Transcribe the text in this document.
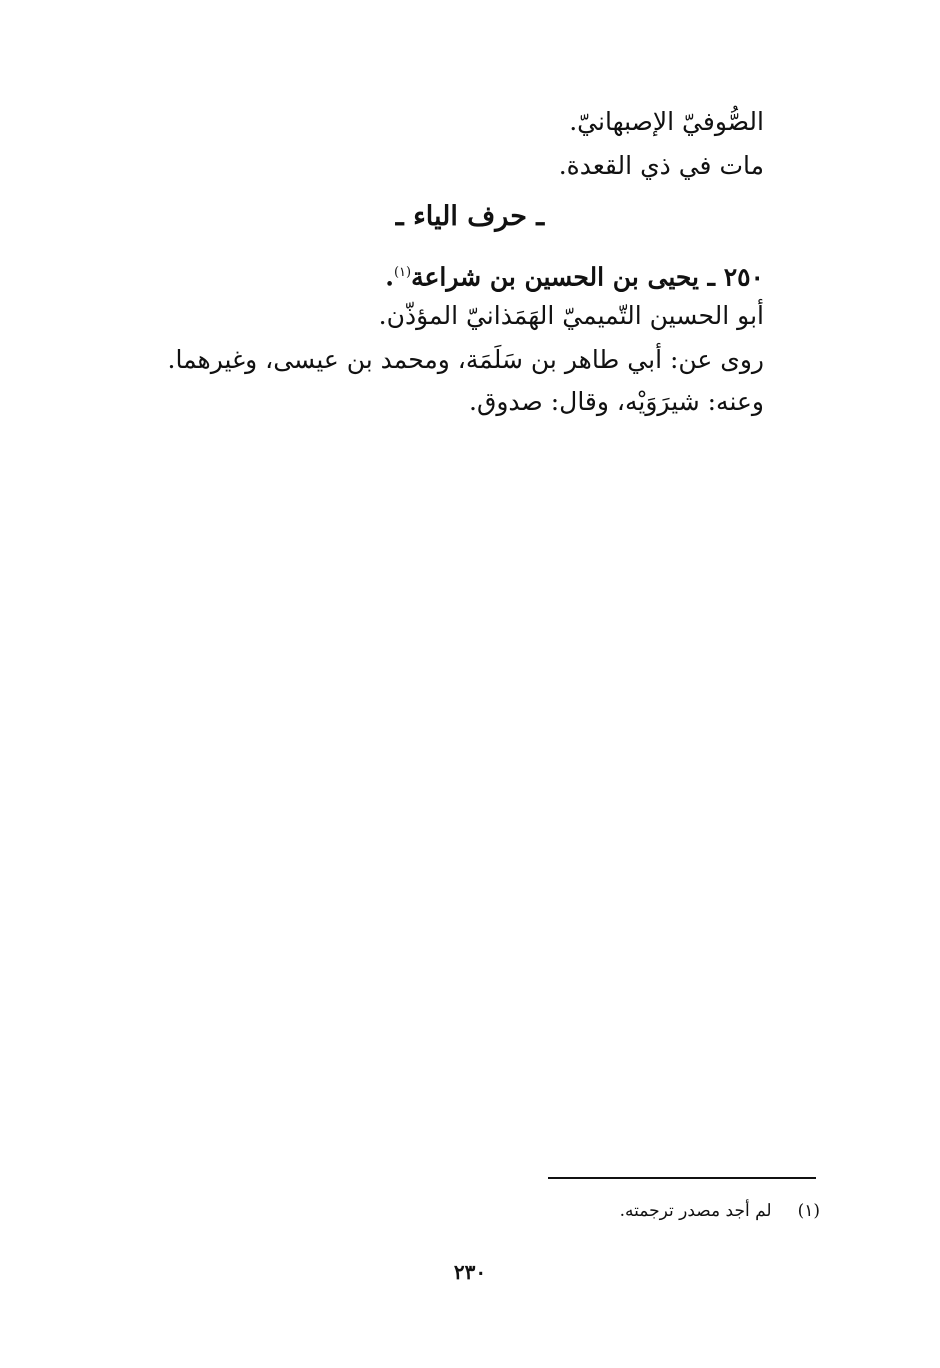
الصُّوفيّ الإصبهانيّ.
مات في ذي القعدة.
ـ حرف الياء ـ
٢٥٠ ـ يحيى بن الحسين بن شراعة$^{(١)}$.
أبو الحسين التّميميّ الهَمَذانيّ المؤذّن.
روى عن: أبي طاهر بن سَلَمَة، ومحمد بن عيسى، وغيرهما.
وعنه: شيرَوَيْه، وقال: صدوق.
(١)لم أجد مصدر ترجمته.
٢٣٠
